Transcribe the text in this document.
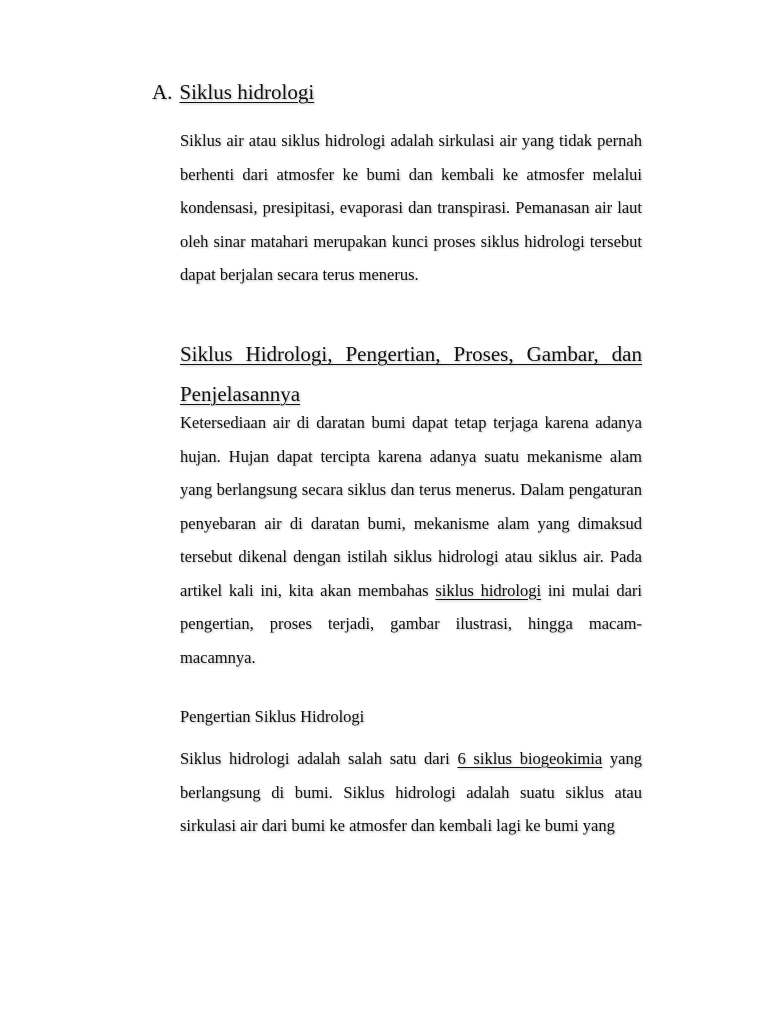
A. Siklus hidrologi
Siklus air atau siklus hidrologi adalah sirkulasi air yang tidak pernah berhenti dari atmosfer ke bumi dan kembali ke atmosfer melalui kondensasi, presipitasi, evaporasi dan transpirasi. Pemanasan air laut oleh sinar matahari merupakan kunci proses siklus hidrologi tersebut dapat berjalan secara terus menerus.
Siklus Hidrologi, Pengertian, Proses, Gambar, dan Penjelasannya
Ketersediaan air di daratan bumi dapat tetap terjaga karena adanya hujan. Hujan dapat tercipta karena adanya suatu mekanisme alam yang berlangsung secara siklus dan terus menerus. Dalam pengaturan penyebaran air di daratan bumi, mekanisme alam yang dimaksud tersebut dikenal dengan istilah siklus hidrologi atau siklus air. Pada artikel kali ini, kita akan membahas siklus hidrologi ini mulai dari pengertian, proses terjadi, gambar ilustrasi, hingga macam-macamnya.
Pengertian Siklus Hidrologi
Siklus hidrologi adalah salah satu dari 6 siklus biogeokimia yang berlangsung di bumi. Siklus hidrologi adalah suatu siklus atau sirkulasi air dari bumi ke atmosfer dan kembali lagi ke bumi yang
